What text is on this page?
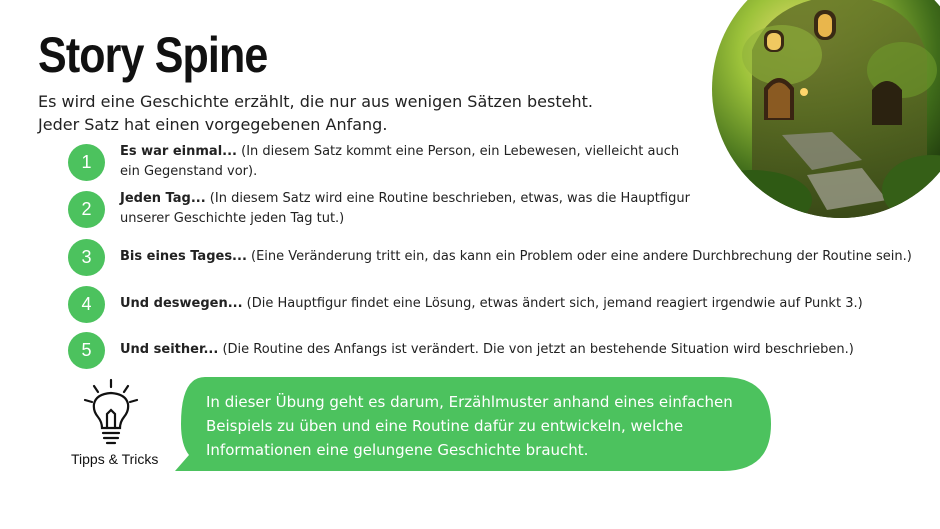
Story Spine
Es wird eine Geschichte erzählt, die nur aus wenigen Sätzen besteht.
Jeder Satz hat einen vorgegebenen Anfang.
1	Es war einmal... (In diesem Satz kommt eine Person, ein Lebewesen, vielleicht auch
ein Gegenstand vor).
2	Jeden Tag... (In diesem Satz wird eine Routine beschrieben, etwas, was die Hauptfigur
unserer Geschichte jeden Tag tut.)
3	Bis eines Tages... (Eine Veränderung tritt ein, das kann ein Problem oder eine andere Durchbrechung der Routine sein.)
4	Und deswegen... (Die Hauptfigur findet eine Lösung, etwas ändert sich, jemand reagiert irgendwie auf Punkt 3.)
5	Und seither... (Die Routine des Anfangs ist verändert. Die von jetzt an bestehende Situation wird beschrieben.)
Tipps & Tricks
In dieser Übung geht es darum, Erzählmuster anhand eines einfachen
Beispiels zu üben und eine Routine dafür zu entwickeln, welche
Informationen eine gelungene Geschichte braucht.
